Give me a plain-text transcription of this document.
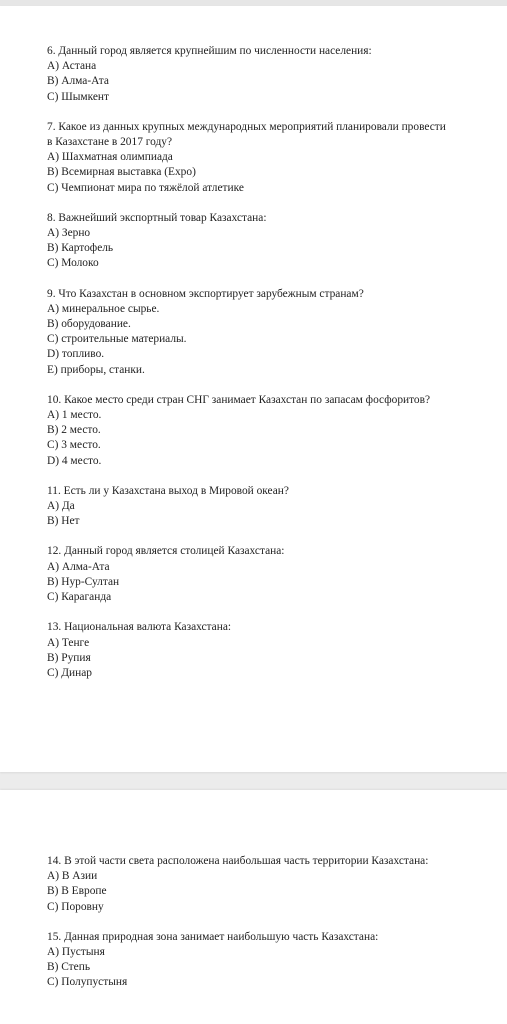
6. Данный город является крупнейшим по численности населения:

A) Астана
B) Алма-Ата
C) Шымкент

7. Какое из данных крупных международных мероприятий планировали провести в Казахстане в 2017 году?

A) Шахматная олимпиада
B) Всемирная выставка (Expo)
C) Чемпионат мира по тяжёлой атлетике

8. Важнейший экспортный товар Казахстана:

A) Зерно
B) Картофель
C) Молоко

9. Что Казахстан в основном экспортирует зарубежным странам?

A) минеральное сырье.
B) оборудование.
C) строительные материалы.
D) топливо.
E) приборы, станки.

10. Какое место среди стран СНГ занимает Казахстан по запасам фосфоритов?

A) 1 место.
B) 2 место.
C) 3 место.
D) 4 место.

11. Есть ли у Казахстана выход в Мировой океан?

A) Да
B) Нет

12. Данный город является столицей Казахстана:

A) Алма-Ата
B) Нур-Султан
C) Караганда

13. Национальная валюта Казахстана:

A) Тенге
B) Рупия
C) Динар

14. В этой части света расположена наибольшая часть территории Казахстана:

A) В Азии
B) В Европе
C) Поровну

15. Данная природная зона занимает наибольшую часть Казахстана:

A) Пустыня
B) Степь
C) Полупустыня
